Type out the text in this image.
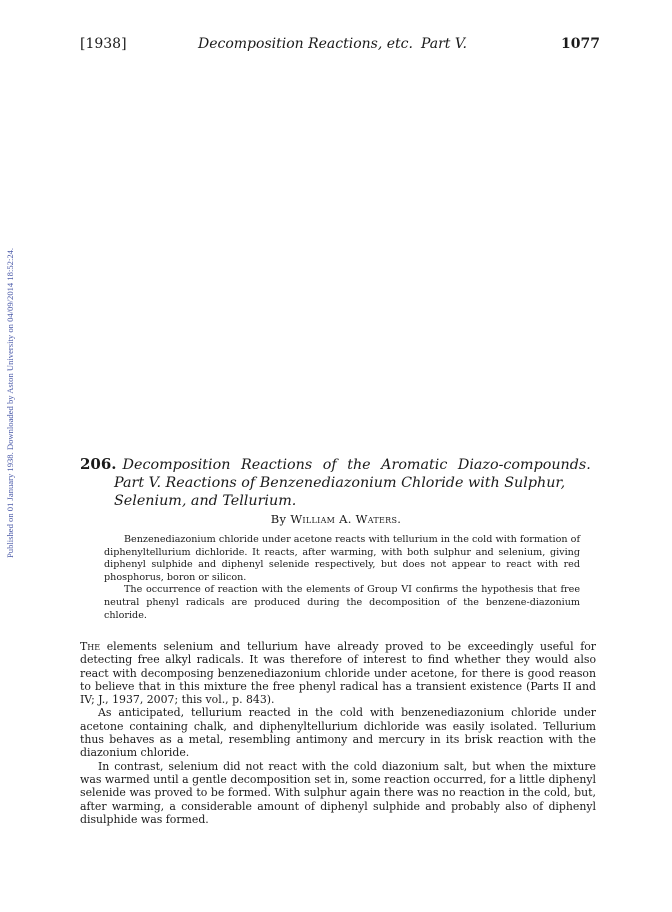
[1938]	Decomposition Reactions, etc. Part V.	1077
Published on 01 January 1938. Downloaded by Aston University on 04/09/2014 18:52:24.	206. Decomposition Reactions of the Aromatic Diazo-compounds.
Part V. Reactions of Benzenediazonium Chloride with Sulphur,
Selenium, and Tellurium.
By William A. Waters.

Benzenediazonium chloride under acetone reacts with tellurium in the cold with formation of diphenyltellurium dichloride. It reacts, after warming, with both sulphur and selenium, giving diphenyl sulphide and diphenyl selenide respectively, but does not appear to react with red phosphorus, boron or silicon.

The occurrence of reaction with the elements of Group VI confirms the hypothesis that free neutral phenyl radicals are produced during the decomposition of the benzene-diazonium chloride.

The elements selenium and tellurium have already proved to be exceedingly useful for detecting free alkyl radicals. It was therefore of interest to find whether they would also react with decomposing benzenediazonium chloride under acetone, for there is good reason to believe that in this mixture the free phenyl radical has a transient existence (Parts II and IV; J., 1937, 2007; this vol., p. 843).

As anticipated, tellurium reacted in the cold with benzenediazonium chloride under acetone containing chalk, and diphenyltellurium dichloride was easily isolated. Tellurium thus behaves as a metal, resembling antimony and mercury in its brisk reaction with the diazonium chloride.

In contrast, selenium did not react with the cold diazonium salt, but when the mixture was warmed until a gentle decomposition set in, some reaction occurred, for a little diphenyl selenide was proved to be formed. With sulphur again there was no reaction in the cold, but, after warming, a considerable amount of diphenyl sulphide and probably also of diphenyl disulphide was formed.
